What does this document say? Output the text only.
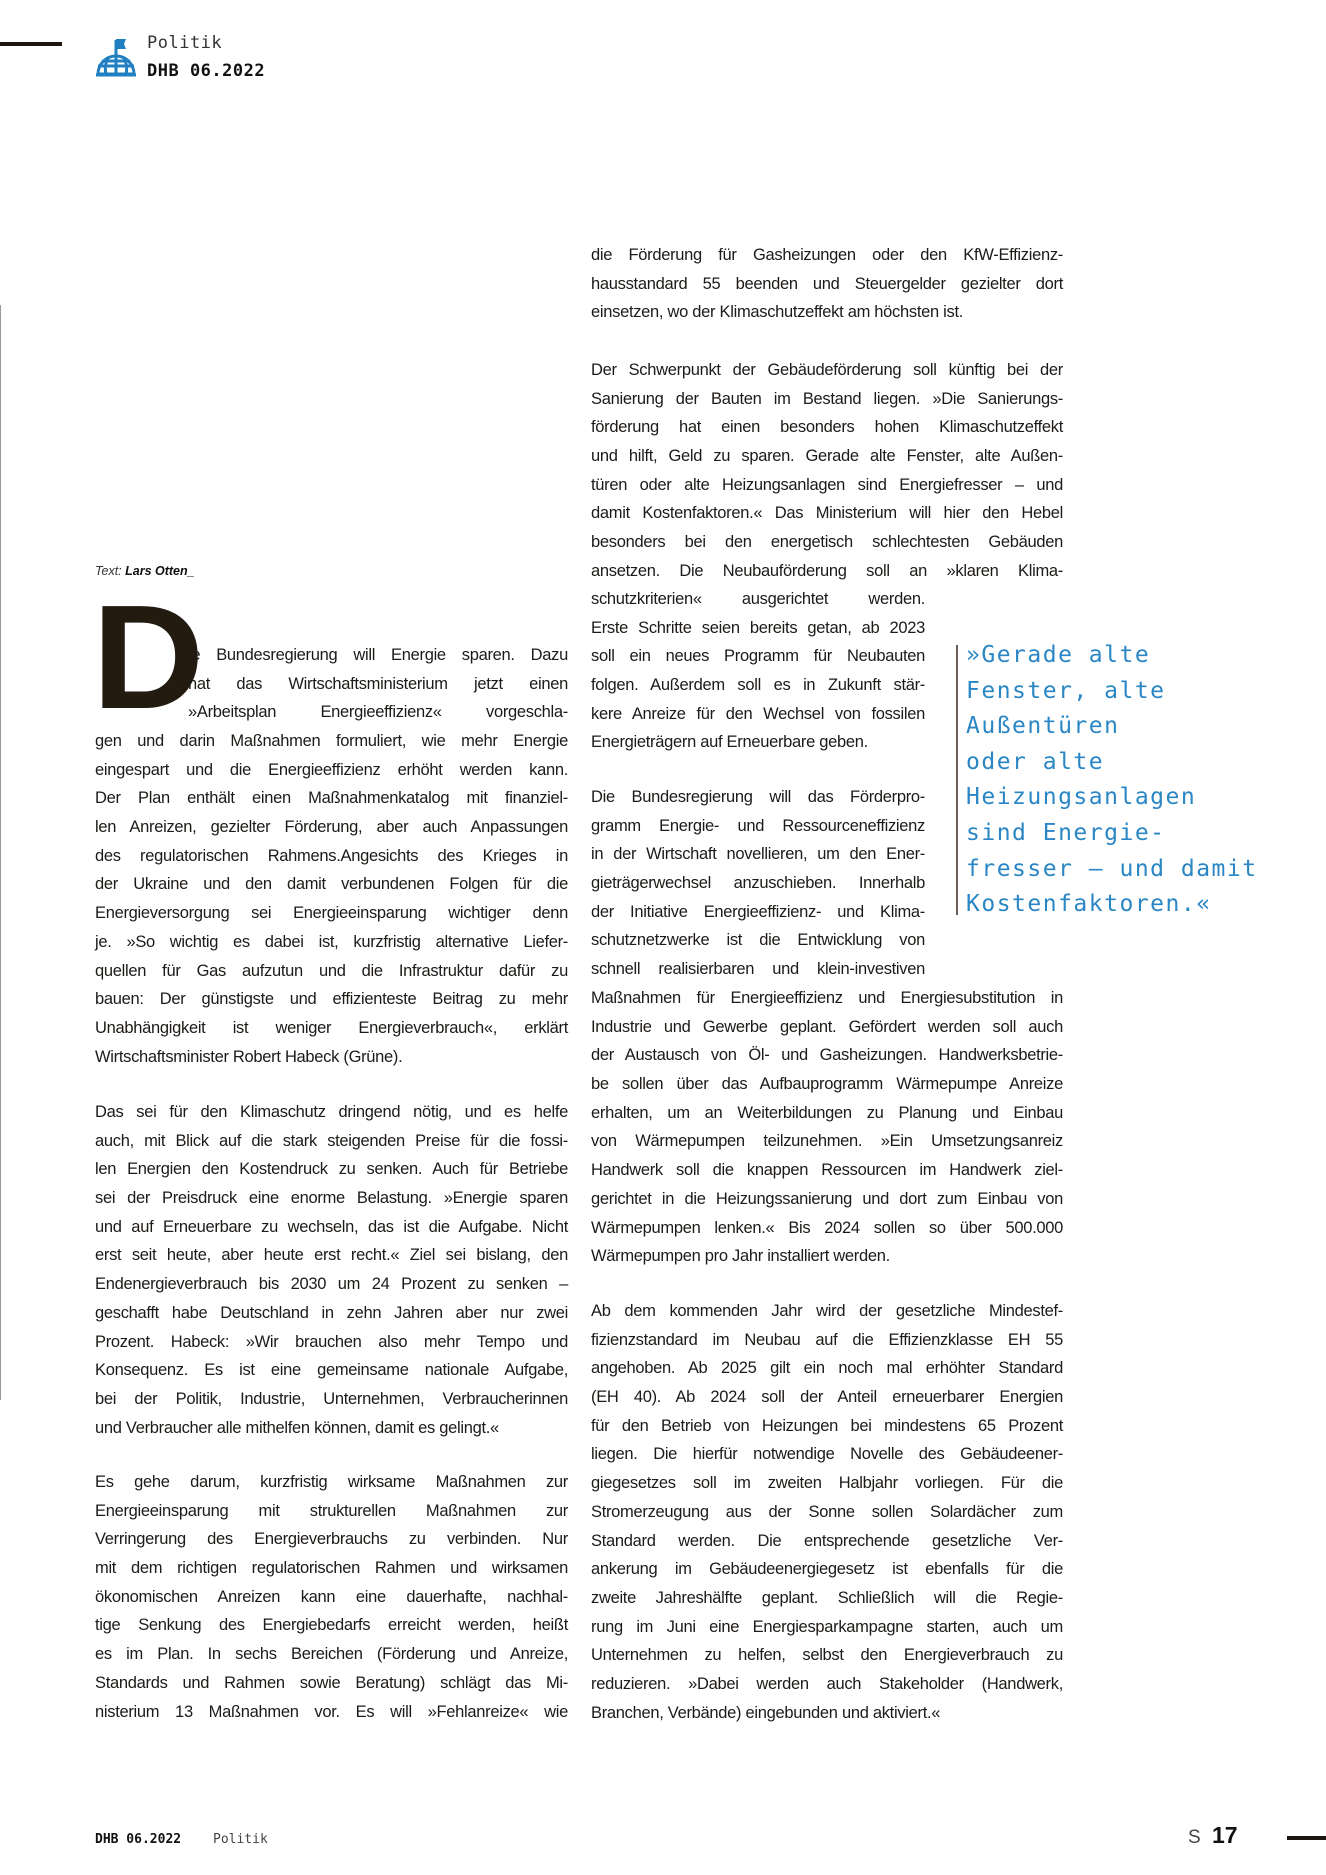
Politik
DHB 06.2022
Text: Lars Otten_
D
ie Bundesregierung will Energie sparen. Dazu
hat das Wirtschaftsministerium jetzt einen
»Arbeitsplan Energieeffizienz« vorgeschla-
gen und darin Maßnahmen formuliert, wie mehr Energie
eingespart und die Energieeffizienz erhöht werden kann.
Der Plan enthält einen Maßnahmenkatalog mit finanziel-
len Anreizen, gezielter Förderung, aber auch Anpassungen
des regulatorischen Rahmens.Angesichts des Krieges in
der Ukraine und den damit verbundenen Folgen für die
Energieversorgung sei Energieeinsparung wichtiger denn
je. »So wichtig es dabei ist, kurzfristig alternative Liefer-
quellen für Gas aufzutun und die Infrastruktur dafür zu
bauen: Der günstigste und effizienteste Beitrag zu mehr
Unabhängigkeit ist weniger Energieverbrauch«, erklärt
Wirtschaftsminister Robert Habeck (Grüne).
Das sei für den Klimaschutz dringend nötig, und es helfe
auch, mit Blick auf die stark steigenden Preise für die fossi-
len Energien den Kostendruck zu senken. Auch für Betriebe
sei der Preisdruck eine enorme Belastung. »Energie sparen
und auf Erneuerbare zu wechseln, das ist die Aufgabe. Nicht
erst seit heute, aber heute erst recht.« Ziel sei bislang, den
Endenergieverbrauch bis 2030 um 24 Prozent zu senken –
geschafft habe Deutschland in zehn Jahren aber nur zwei
Prozent. Habeck: »Wir brauchen also mehr Tempo und
Konsequenz. Es ist eine gemeinsame nationale Aufgabe,
bei der Politik, Industrie, Unternehmen, Verbraucherinnen
und Verbraucher alle mithelfen können, damit es gelingt.«
Es gehe darum, kurzfristig wirksame Maßnahmen zur
Energieeinsparung mit strukturellen Maßnahmen zur
Verringerung des Energieverbrauchs zu verbinden. Nur
mit dem richtigen regulatorischen Rahmen und wirksamen
ökonomischen Anreizen kann eine dauerhafte, nachhal-
tige Senkung des Energiebedarfs erreicht werden, heißt
es im Plan. In sechs Bereichen (Förderung und Anreize,
Standards und Rahmen sowie Beratung) schlägt das Mi-
nisterium 13 Maßnahmen vor. Es will »Fehlanreize« wie
die Förderung für Gasheizungen oder den KfW-Effizienz-
hausstandard 55 beenden und Steuergelder gezielter dort
einsetzen, wo der Klimaschutzeffekt am höchsten ist.
Der Schwerpunkt der Gebäudeförderung soll künftig bei der
Sanierung der Bauten im Bestand liegen. »Die Sanierungs-
förderung hat einen besonders hohen Klimaschutzeffekt
und hilft, Geld zu sparen. Gerade alte Fenster, alte Außen-
türen oder alte Heizungsanlagen sind Energiefresser – und
damit Kostenfaktoren.« Das Ministerium will hier den Hebel
besonders bei den energetisch schlechtesten Gebäuden
ansetzen. Die Neubauförderung soll an »klaren Klima-
schutzkriterien« ausgerichtet werden.
Erste Schritte seien bereits getan, ab 2023
soll ein neues Programm für Neubauten
folgen. Außerdem soll es in Zukunft stär-
kere Anreize für den Wechsel von fossilen
Energieträgern auf Erneuerbare geben.
Die Bundesregierung will das Förderpro-
gramm Energie- und Ressourceneffizienz
in der Wirtschaft novellieren, um den Ener-
gieträgerwechsel anzuschieben. Innerhalb
der Initiative Energieeffizienz- und Klima-
schutznetzwerke ist die Entwicklung von
schnell realisierbaren und klein-investiven
Maßnahmen für Energieeffizienz und Energiesubstitution in
Industrie und Gewerbe geplant. Gefördert werden soll auch
der Austausch von Öl- und Gasheizungen. Handwerksbetrie-
be sollen über das Aufbauprogramm Wärmepumpe Anreize
erhalten, um an Weiterbildungen zu Planung und Einbau
von Wärmepumpen teilzunehmen. »Ein Umsetzungsanreiz
Handwerk soll die knappen Ressourcen im Handwerk ziel-
gerichtet in die Heizungssanierung und dort zum Einbau von
Wärmepumpen lenken.« Bis 2024 sollen so über 500.000
Wärmepumpen pro Jahr installiert werden.
Ab dem kommenden Jahr wird der gesetzliche Mindestef-
fizienzstandard im Neubau auf die Effizienzklasse EH 55
angehoben. Ab 2025 gilt ein noch mal erhöhter Standard
(EH 40). Ab 2024 soll der Anteil erneuerbarer Energien
für den Betrieb von Heizungen bei mindestens 65 Prozent
liegen. Die hierfür notwendige Novelle des Gebäudeener-
giegesetzes soll im zweiten Halbjahr vorliegen. Für die
Stromerzeugung aus der Sonne sollen Solardächer zum
Standard werden. Die entsprechende gesetzliche Ver-
ankerung im Gebäudeenergiegesetz ist ebenfalls für die
zweite Jahreshälfte geplant. Schließlich will die Regie-
rung im Juni eine Energiesparkampagne starten, auch um
Unternehmen zu helfen, selbst den Energieverbrauch zu
reduzieren. »Dabei werden auch Stakeholder (Handwerk,
Branchen, Verbände) eingebunden und aktiviert.«
»Gerade alte
Fenster, alte
Außentüren
oder alte
Heizungsanlagen
sind Energie-
fresser – und damit
Kostenfaktoren.«
DHB 06.2022 Politik	S 17
